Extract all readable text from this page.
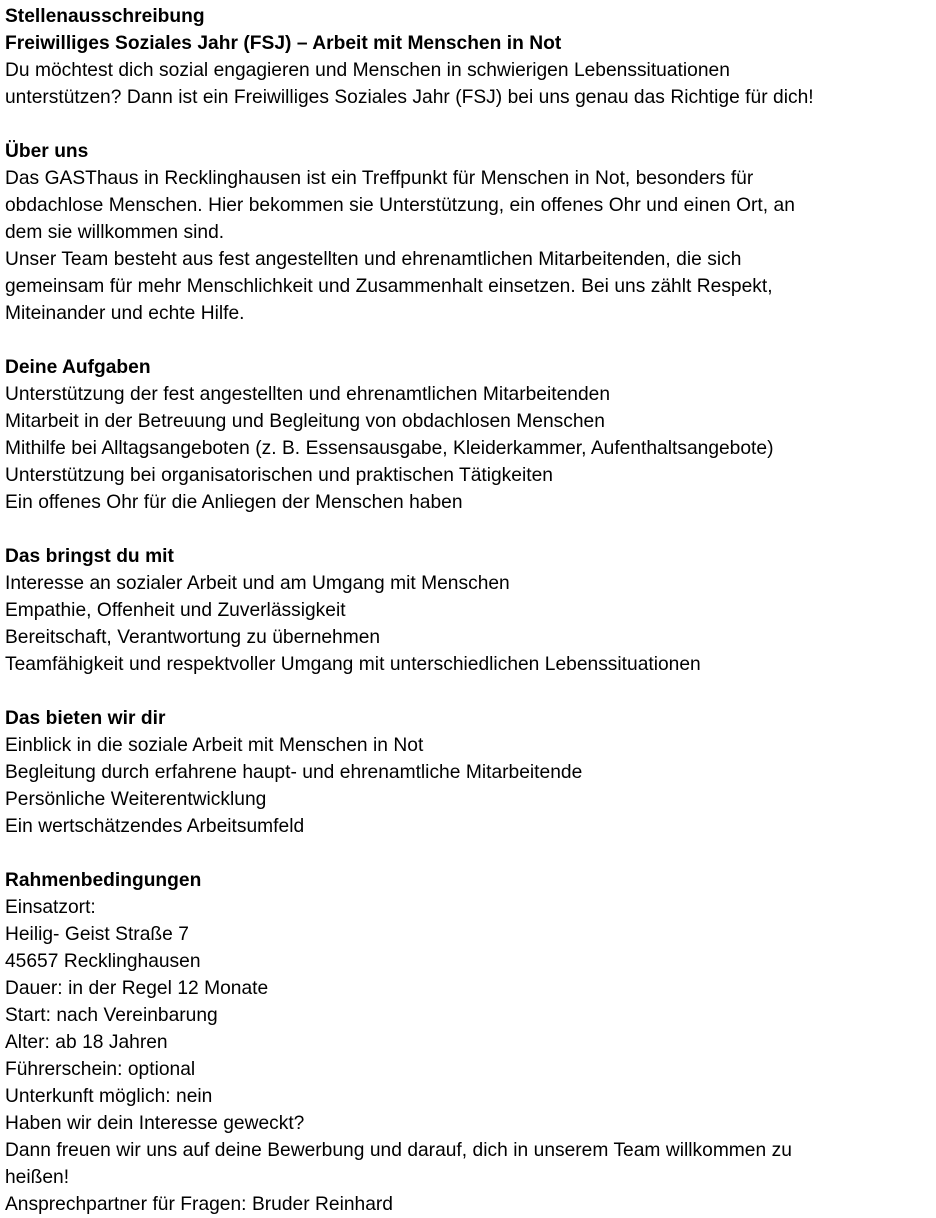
Stellenausschreibung
Freiwilliges Soziales Jahr (FSJ) – Arbeit mit Menschen in Not
Du möchtest dich sozial engagieren und Menschen in schwierigen Lebenssituationen
unterstützen? Dann ist ein Freiwilliges Soziales Jahr (FSJ) bei uns genau das Richtige für dich!

Über uns
Das GASThaus in Recklinghausen ist ein Treffpunkt für Menschen in Not, besonders für
obdachlose Menschen. Hier bekommen sie Unterstützung, ein offenes Ohr und einen Ort, an
dem sie willkommen sind.
Unser Team besteht aus fest angestellten und ehrenamtlichen Mitarbeitenden, die sich
gemeinsam für mehr Menschlichkeit und Zusammenhalt einsetzen. Bei uns zählt Respekt,
Miteinander und echte Hilfe.

Deine Aufgaben
Unterstützung der fest angestellten und ehrenamtlichen Mitarbeitenden
Mitarbeit in der Betreuung und Begleitung von obdachlosen Menschen
Mithilfe bei Alltagsangeboten (z. B. Essensausgabe, Kleiderkammer, Aufenthaltsangebote)
Unterstützung bei organisatorischen und praktischen Tätigkeiten
Ein offenes Ohr für die Anliegen der Menschen haben

Das bringst du mit
Interesse an sozialer Arbeit und am Umgang mit Menschen
Empathie, Offenheit und Zuverlässigkeit
Bereitschaft, Verantwortung zu übernehmen
Teamfähigkeit und respektvoller Umgang mit unterschiedlichen Lebenssituationen

Das bieten wir dir
Einblick in die soziale Arbeit mit Menschen in Not
Begleitung durch erfahrene haupt- und ehrenamtliche Mitarbeitende
Persönliche Weiterentwicklung
Ein wertschätzendes Arbeitsumfeld

Rahmenbedingungen
Einsatzort:
Heilig- Geist Straße 7
45657 Recklinghausen
Dauer: in der Regel 12 Monate
Start: nach Vereinbarung
Alter: ab 18 Jahren
Führerschein: optional
Unterkunft möglich: nein
Haben wir dein Interesse geweckt?
Dann freuen wir uns auf deine Bewerbung und darauf, dich in unserem Team willkommen zu
heißen!
Ansprechpartner für Fragen: Bruder Reinhard
